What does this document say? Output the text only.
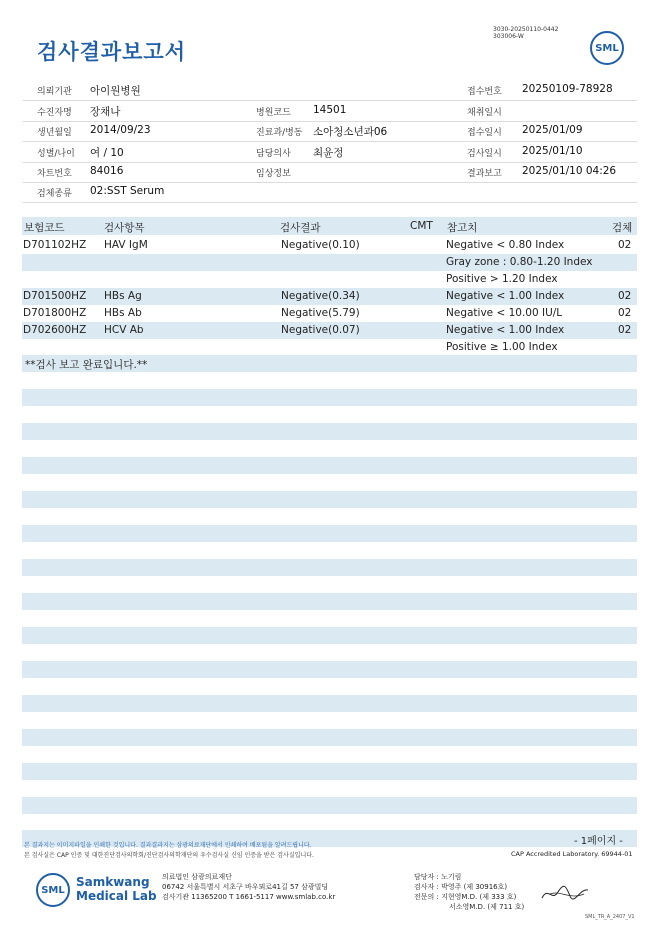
검사결과보고서
3030-20250110-0442
303006-W
SML
의뢰기관 아이원병원	접수번호 20250109-78928
수진자명 장채나	병원코드 14501	채취일시
생년월일 2014/09/23	진료과/병동 소아청소년과06	접수일시 2025/01/09
성별/나이 여 / 10	담당의사 최윤정	검사일시 2025/01/10
차트번호 84016	임상정보	결과보고 2025/01/10 04:26
검체종류 02:SST Serum
보험코드	검사항목	검사결과	CMT 참고치	검체
D701102HZ HAV IgM	Negative(0.10)	Negative < 0.80 Index	02
Gray zone : 0.80-1.20 Index
Positive > 1.20 Index
D701500HZ HBs Ag	Negative(0.34)	Negative < 1.00 Index	02
D701800HZ HBs Ab	Negative(5.79)	Negative < 10.00 IU/L	02
D702600HZ HCV Ab	Negative(0.07)	Negative < 1.00 Index	02
Positive ≥ 1.00 Index
**검사 보고 완료입니다.**
본 결과지는 이미지파일을 인쇄한 것입니다. 결과결과지는 삼광의료재단에서 인쇄하여 배포됨을 알려드립니다.
본 검사실은 CAP 인증 및 대한진단검사의학회/진단검사의학재단의 우수검사실 신임 인증을 받은 검사실입니다.
- 1페이지 -
CAP Accredited Laboratory. 69944-01
SML
Samkwang
Medical Lab
의료법인 삼광의료재단
06742 서울특별시 서초구 바우뫼로41길 57 삼광빌딩
검사기관 11365200 T 1661-5117 www.smlab.co.kr
담당자 : 노기림
검사자 : 박영주 (제 30916호)
전문의 : 지현영M.D. (제 333 호)
서소영M.D. (제 711 호)
SML_TR_A_2407_V1
